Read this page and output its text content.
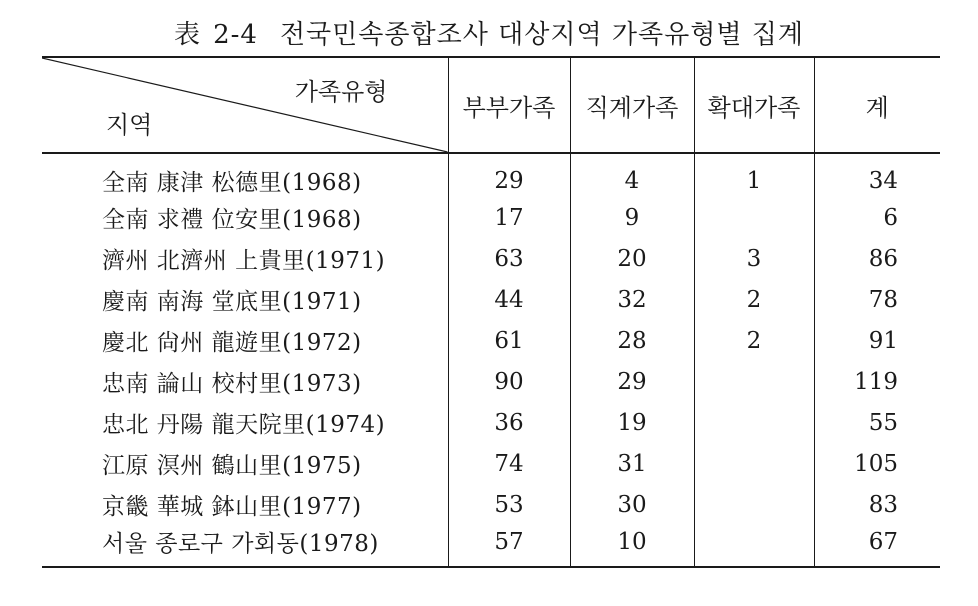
表 2-4 전국민속종합조사 대상지역 가족유형별 집계
가족유형
지역	부부가족	직계가족	확대가족	계
全南 康津 松德里(1968)	29	4	1	34
全南 求禮 位安里(1968)	17	9		6
濟州 北濟州 上貴里(1971)	63	20	3	86
慶南 南海 堂底里(1971)	44	32	2	78
慶北 尙州 龍遊里(1972)	61	28	2	91
忠南 論山 校村里(1973)	90	29		119
忠北 丹陽 龍天院里(1974)	36	19		55
江原 溟州 鶴山里(1975)	74	31		105
京畿 華城 鉢山里(1977)	53	30		83
서울 종로구 가회동(1978)	57	10		67
